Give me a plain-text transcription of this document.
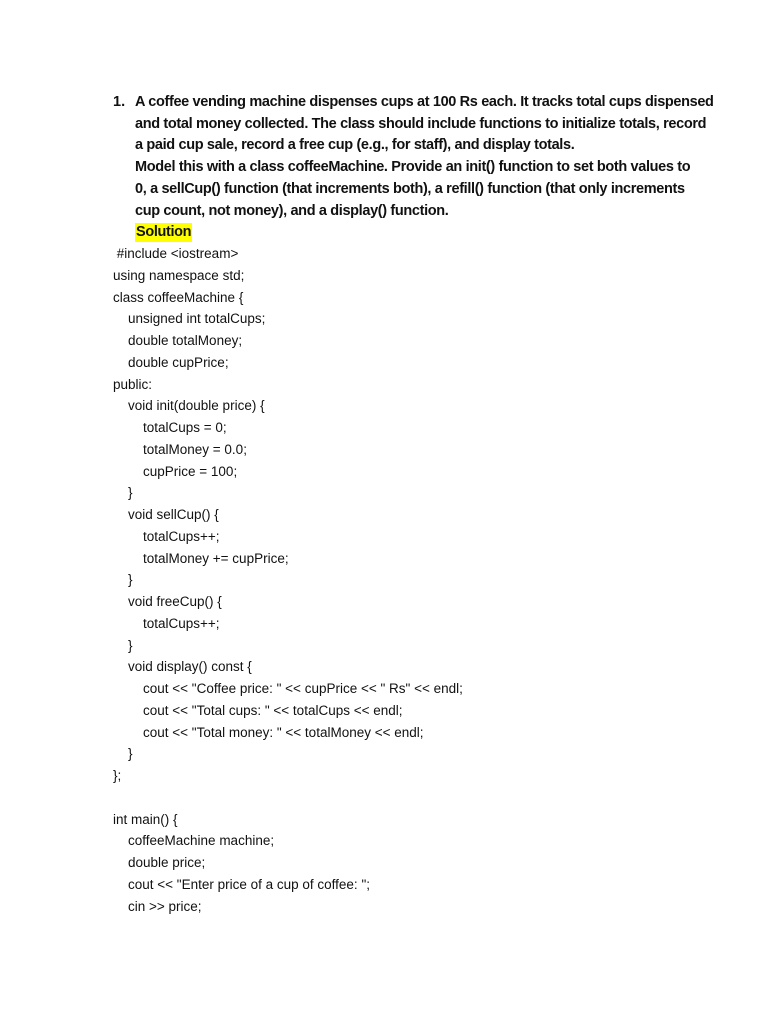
1. A coffee vending machine dispenses cups at 100 Rs each. It tracks total cups dispensed
and total money collected. The class should include functions to initialize totals, record
a paid cup sale, record a free cup (e.g., for staff), and display totals.
Model this with a class coffeeMachine. Provide an init() function to set both values to
0, a sellCup() function (that increments both), a refill() function (that only increments
cup count, not money), and a display() function.
Solution
#include <iostream>
using namespace std;
class coffeeMachine {
unsigned int totalCups;
double totalMoney;
double cupPrice;
public:
void init(double price) {
totalCups = 0;
totalMoney = 0.0;
cupPrice = 100;
}
void sellCup() {
totalCups++;
totalMoney += cupPrice;
}
void freeCup() {
totalCups++;
}
void display() const {
cout << "Coffee price: " << cupPrice << " Rs" << endl;
cout << "Total cups: " << totalCups << endl;
cout << "Total money: " << totalMoney << endl;
}
};
int main() {
coffeeMachine machine;
double price;
cout << "Enter price of a cup of coffee: ";
cin >> price;
